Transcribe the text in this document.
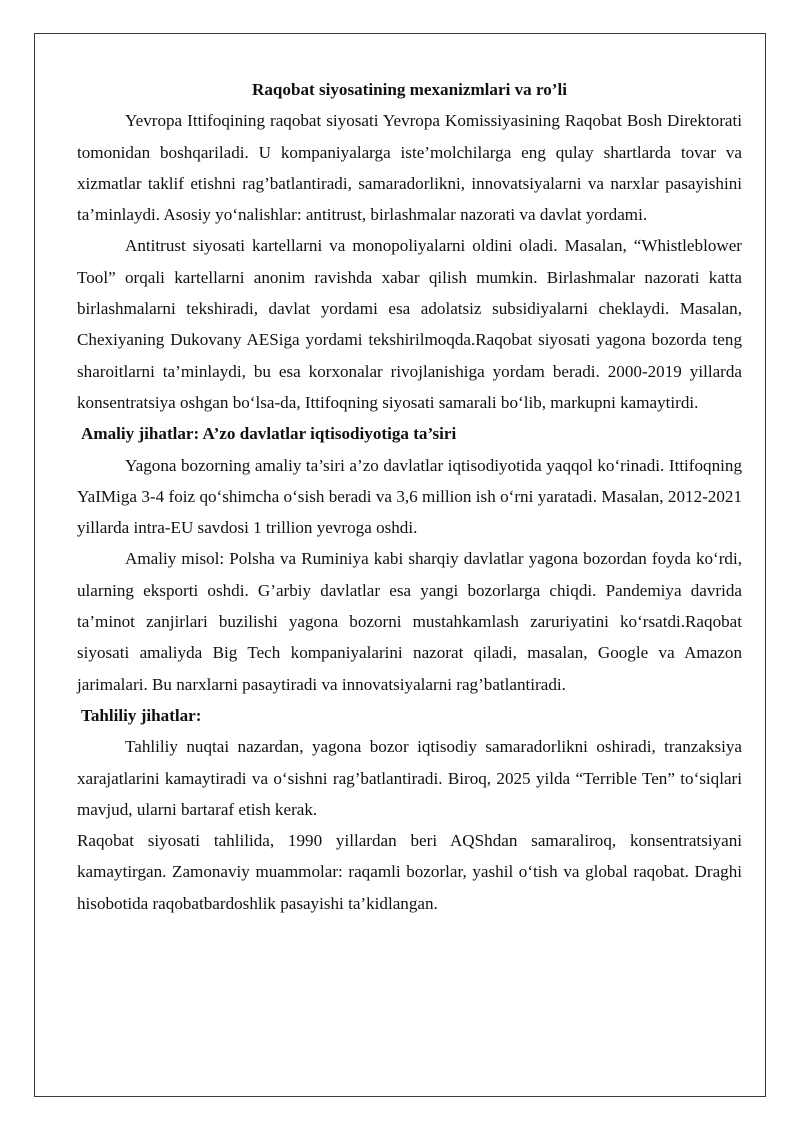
Raqobat siyosatining mexanizmlari va ro’li

Yevropa Ittifoqining raqobat siyosati Yevropa Komissiyasining Raqobat Bosh Direktorati tomonidan boshqariladi. U kompaniyalarga iste’molchilarga eng qulay shartlarda tovar va xizmatlar taklif etishni rag’batlantiradi, samaradorlikni, innovatsiyalarni va narxlar pasayishini ta’minlaydi. Asosiy yo‘nalishlar: antitrust, birlashmalar nazorati va davlat yordami.

Antitrust siyosati kartellarni va monopoliyalarni oldini oladi. Masalan, “Whistleblower Tool” orqali kartellarni anonim ravishda xabar qilish mumkin. Birlashmalar nazorati katta birlashmalarni tekshiradi, davlat yordami esa adolatsiz subsidiyalarni cheklaydi. Masalan, Chexiyaning Dukovany AESiga yordami tekshirilmoqda.Raqobat siyosati yagona bozorda teng sharoitlarni ta’minlaydi, bu esa korxonalar rivojlanishiga yordam beradi. 2000-2019 yillarda konsentratsiya oshgan bo‘lsa-da, Ittifoqning siyosati samarali bo‘lib, markupni kamaytirdi.

Amaliy jihatlar: A’zo davlatlar iqtisodiyotiga ta’siri

Yagona bozorning amaliy ta’siri a’zo davlatlar iqtisodiyotida yaqqol ko‘rinadi. Ittifoqning YaIMiga 3-4 foiz qo‘shimcha o‘sish beradi va 3,6 million ish o‘rni yaratadi. Masalan, 2012-2021 yillarda intra-EU savdosi 1 trillion yevroga oshdi.

Amaliy misol: Polsha va Ruminiya kabi sharqiy davlatlar yagona bozordan foyda ko‘rdi, ularning eksporti oshdi. G’arbiy davlatlar esa yangi bozorlarga chiqdi. Pandemiya davrida ta’minot zanjirlari buzilishi yagona bozorni mustahkamlash zaruriyatini ko‘rsatdi.Raqobat siyosati amaliyda Big Tech kompaniyalarini nazorat qiladi, masalan, Google va Amazon jarimalari. Bu narxlarni pasaytiradi va innovatsiyalarni rag’batlantiradi.

Tahliliy jihatlar:

Tahliliy nuqtai nazardan, yagona bozor iqtisodiy samaradorlikni oshiradi, tranzaksiya xarajatlarini kamaytiradi va o‘sishni rag’batlantiradi. Biroq, 2025 yilda “Terrible Ten” to‘siqlari mavjud, ularni bartaraf etish kerak.

Raqobat siyosati tahlilida, 1990 yillardan beri AQShdan samaraliroq, konsentratsiyani kamaytirgan. Zamonaviy muammolar: raqamli bozorlar, yashil o‘tish va global raqobat. Draghi hisobotida raqobatbardoshlik pasayishi ta’kidlangan.
